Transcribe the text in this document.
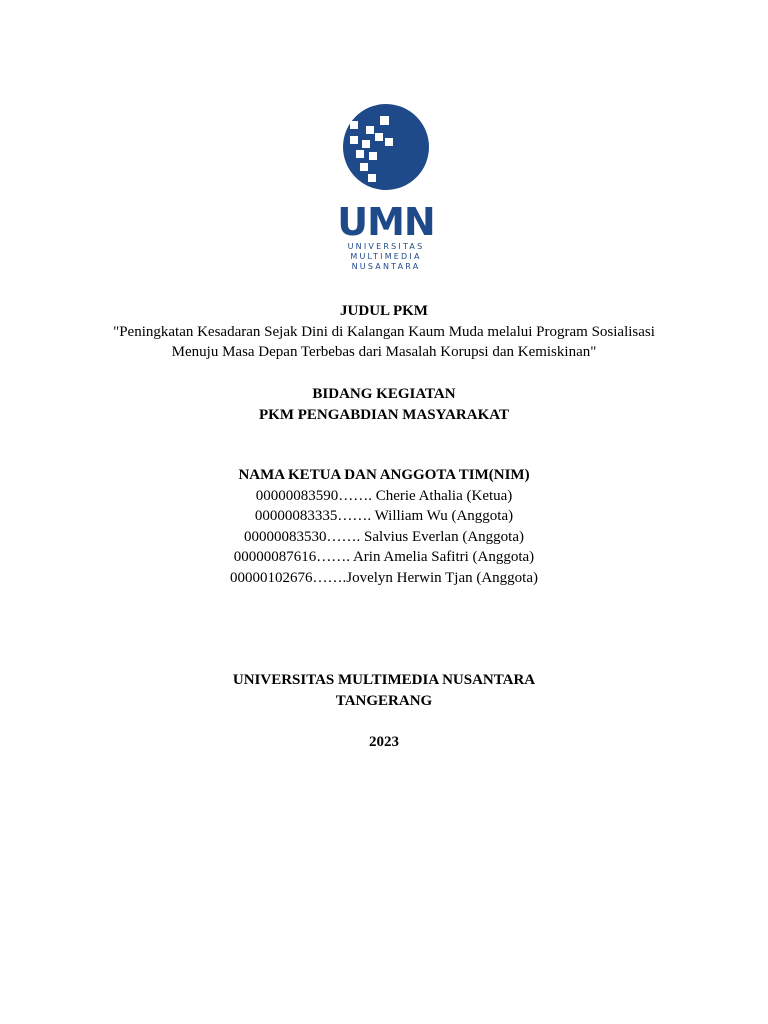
UMN
UNIVERSITAS
MULTIMEDIA
NUSANTARA
JUDUL PKM
"Peningkatan Kesadaran Sejak Dini di Kalangan Kaum Muda melalui Program Sosialisasi
Menuju Masa Depan Terbebas dari Masalah Korupsi dan Kemiskinan"
BIDANG KEGIATAN
PKM PENGABDIAN MASYARAKAT
NAMA KETUA DAN ANGGOTA TIM(NIM)
00000083590……. Cherie Athalia (Ketua)
00000083335……. William Wu (Anggota)
00000083530……. Salvius Everlan (Anggota)
00000087616……. Arin Amelia Safitri (Anggota)
00000102676…….Jovelyn Herwin Tjan (Anggota)
UNIVERSITAS MULTIMEDIA NUSANTARA
TANGERANG
2023
